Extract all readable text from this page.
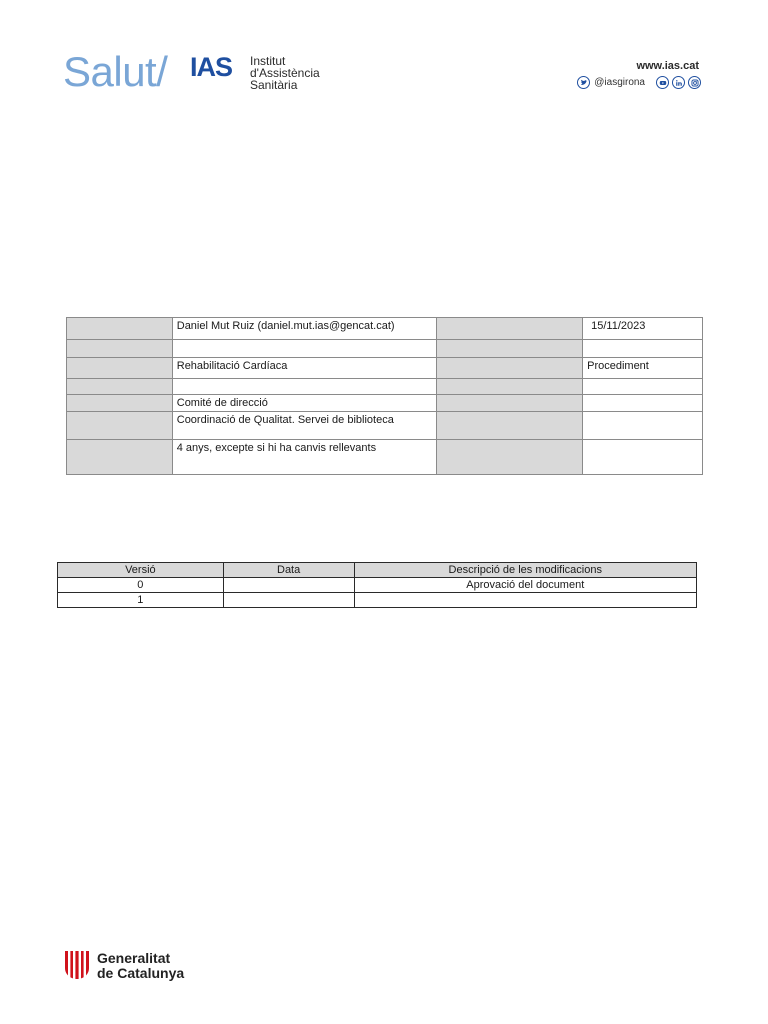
Salut/ IAS Institut
d'Assistència
Sanitària
www.ias.cat
@iasgirona
	Daniel Mut Ruiz (daniel.mut.ias@gencat.cat)		15/11/2023

	Rehabilitació Cardíaca		Procediment

	Comité de direcció		
	Coordinació de Qualitat. Servei de biblioteca		
	4 anys, excepte si hi ha canvis rellevants		
Versió	Data	Descripció de les modificacions
0		Aprovació del document
1		
Generalitat
de Catalunya
